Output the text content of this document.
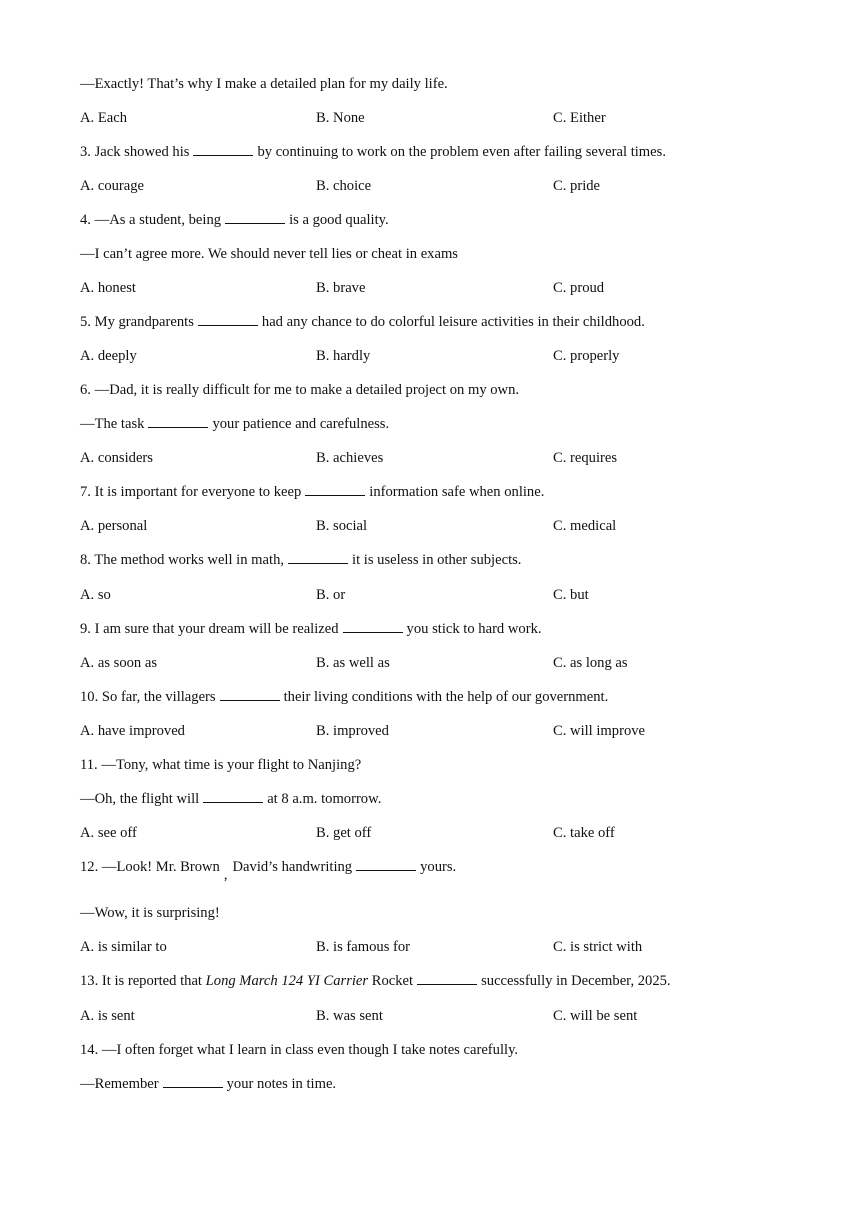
—Exactly! That’s why I make a detailed plan for my daily life.
A. Each	B. None	C. Either
3. Jack showed his	by continuing to work on the problem even after failing several times.
A. courage	B. choice	C. pride
4. —As a student, being	is a good quality.
—I can’t agree more. We should never tell lies or cheat in exams
A. honest	B. brave	C. proud
5. My grandparents	had any chance to do colorful leisure activities in their childhood.
A. deeply	B. hardly	C. properly
6. —Dad, it is really difficult for me to make a detailed project on my own.
—The task	your patience and carefulness.
A. considers	B. achieves	C. requires
7. It is important for everyone to keep	information safe when online.
A. personal	B. social	C. medical
8. The method works well in math,	it is useless in other subjects.
A. so	B. or	C. but
9. I am sure that your dream will be realized	you stick to hard work.
A. as soon as	B. as well as	C. as long as
10. So far, the villagers	their living conditions with the help of our government.
A. have improved	B. improved	C. will improve
11. —Tony, what time is your flight to Nanjing?
—Oh, the flight will	at 8 a.m. tomorrow.
A. see off	B. get off	C. take off
12. —Look! Mr. Brown , David’s handwriting	yours.
—Wow, it is surprising!
A. is similar to	B. is famous for	C. is strict with
13. It is reported that Long March 124 YI Carrier Rocket	successfully in December, 2025.
A. is sent	B. was sent	C. will be sent
14. —I often forget what I learn in class even though I take notes carefully.
—Remember	your notes in time.
